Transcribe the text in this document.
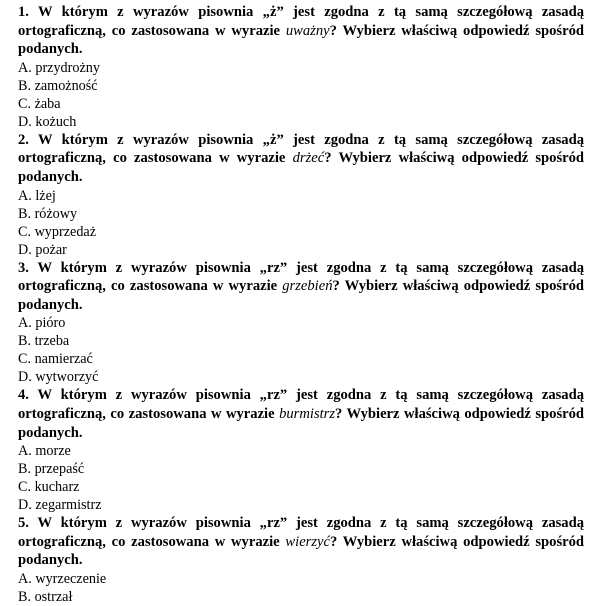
1. W którym z wyrazów pisownia „ż” jest zgodna z tą samą szczegółową zasadą ortograficzną, co zastosowana w wyrazie uważny? Wybierz właściwą odpowiedź spośród podanych.

A. przydrożny

B. zamożność

C. żaba

D. kożuch

2. W którym z wyrazów pisownia „ż” jest zgodna z tą samą szczegółową zasadą ortograficzną, co zastosowana w wyrazie drżeć? Wybierz właściwą odpowiedź spośród podanych.

A. lżej

B. różowy

C. wyprzedaż

D. pożar

3. W którym z wyrazów pisownia „rz” jest zgodna z tą samą szczegółową zasadą ortograficzną, co zastosowana w wyrazie grzebień? Wybierz właściwą odpowiedź spośród podanych.

A. pióro

B. trzeba

C. namierzać

D. wytworzyć

4. W którym z wyrazów pisownia „rz” jest zgodna z tą samą szczegółową zasadą ortograficzną, co zastosowana w wyrazie burmistrz? Wybierz właściwą odpowiedź spośród podanych.

A. morze

B. przepaść

C. kucharz

D. zegarmistrz

5. W którym z wyrazów pisownia „rz” jest zgodna z tą samą szczegółową zasadą ortograficzną, co zastosowana w wyrazie wierzyć? Wybierz właściwą odpowiedź spośród podanych.

A. wyrzeczenie

B. ostrzał
